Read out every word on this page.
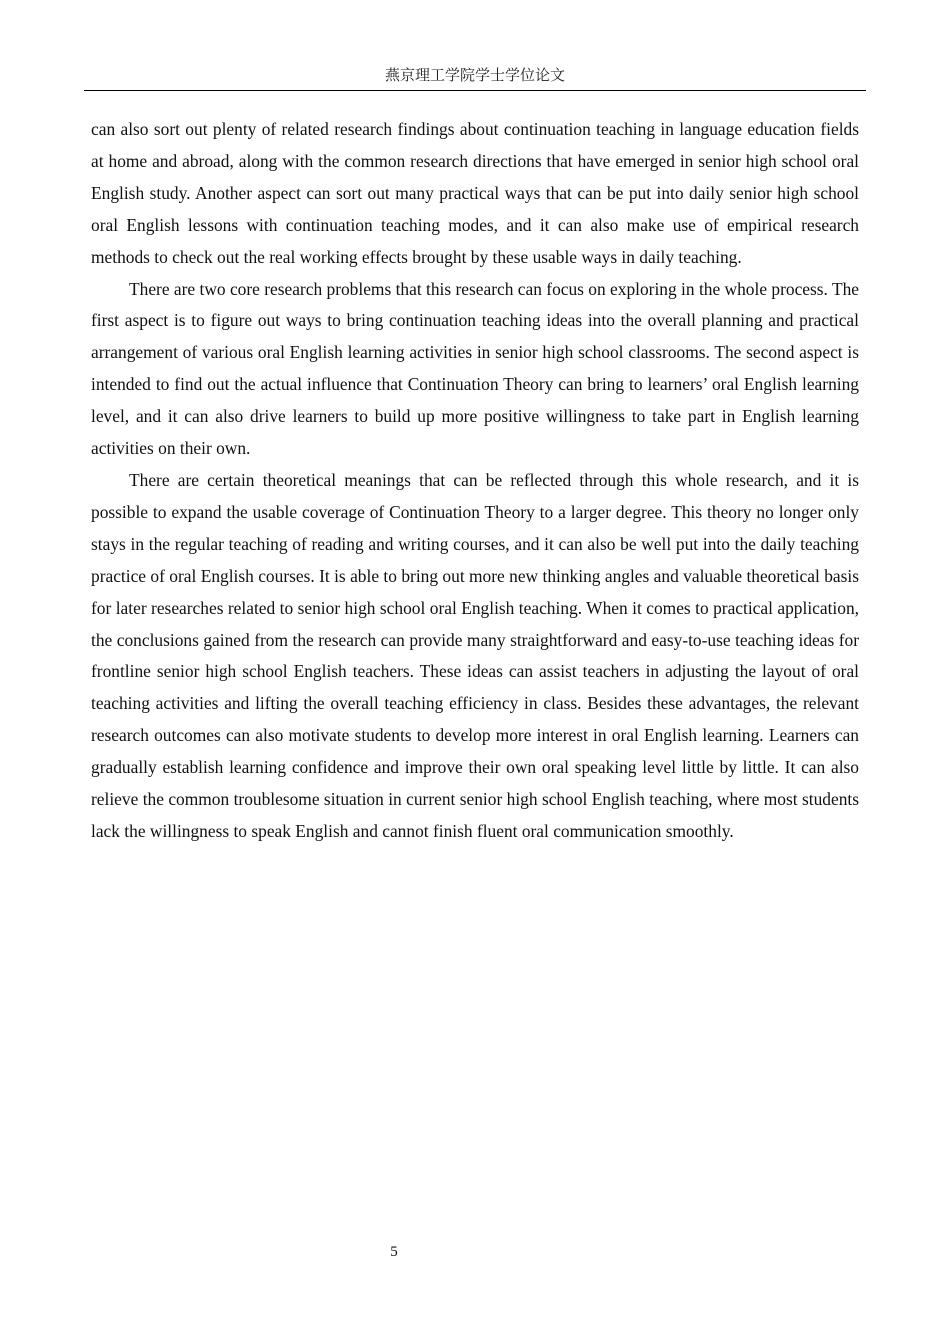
燕京理工学院学士学位论文

can also sort out plenty of related research findings about continuation teaching in language education fields at home and abroad, along with the common research directions that have emerged in senior high school oral English study. Another aspect can sort out many practical ways that can be put into daily senior high school oral English lessons with continuation teaching modes, and it can also make use of empirical research methods to check out the real working effects brought by these usable ways in daily teaching.

There are two core research problems that this research can focus on exploring in the whole process. The first aspect is to figure out ways to bring continuation teaching ideas into the overall planning and practical arrangement of various oral English learning activities in senior high school classrooms. The second aspect is intended to find out the actual influence that Continuation Theory can bring to learners’ oral English learning level, and it can also drive learners to build up more positive willingness to take part in English learning activities on their own.

There are certain theoretical meanings that can be reflected through this whole research, and it is possible to expand the usable coverage of Continuation Theory to a larger degree. This theory no longer only stays in the regular teaching of reading and writing courses, and it can also be well put into the daily teaching practice of oral English courses. It is able to bring out more new thinking angles and valuable theoretical basis for later researches related to senior high school oral English teaching. When it comes to practical application, the conclusions gained from the research can provide many straightforward and easy-to-use teaching ideas for frontline senior high school English teachers. These ideas can assist teachers in adjusting the layout of oral teaching activities and lifting the overall teaching efficiency in class. Besides these advantages, the relevant research outcomes can also motivate students to develop more interest in oral English learning. Learners can gradually establish learning confidence and improve their own oral speaking level little by little. It can also relieve the common troublesome situation in current senior high school English teaching, where most students lack the willingness to speak English and cannot finish fluent oral communication smoothly.

5
